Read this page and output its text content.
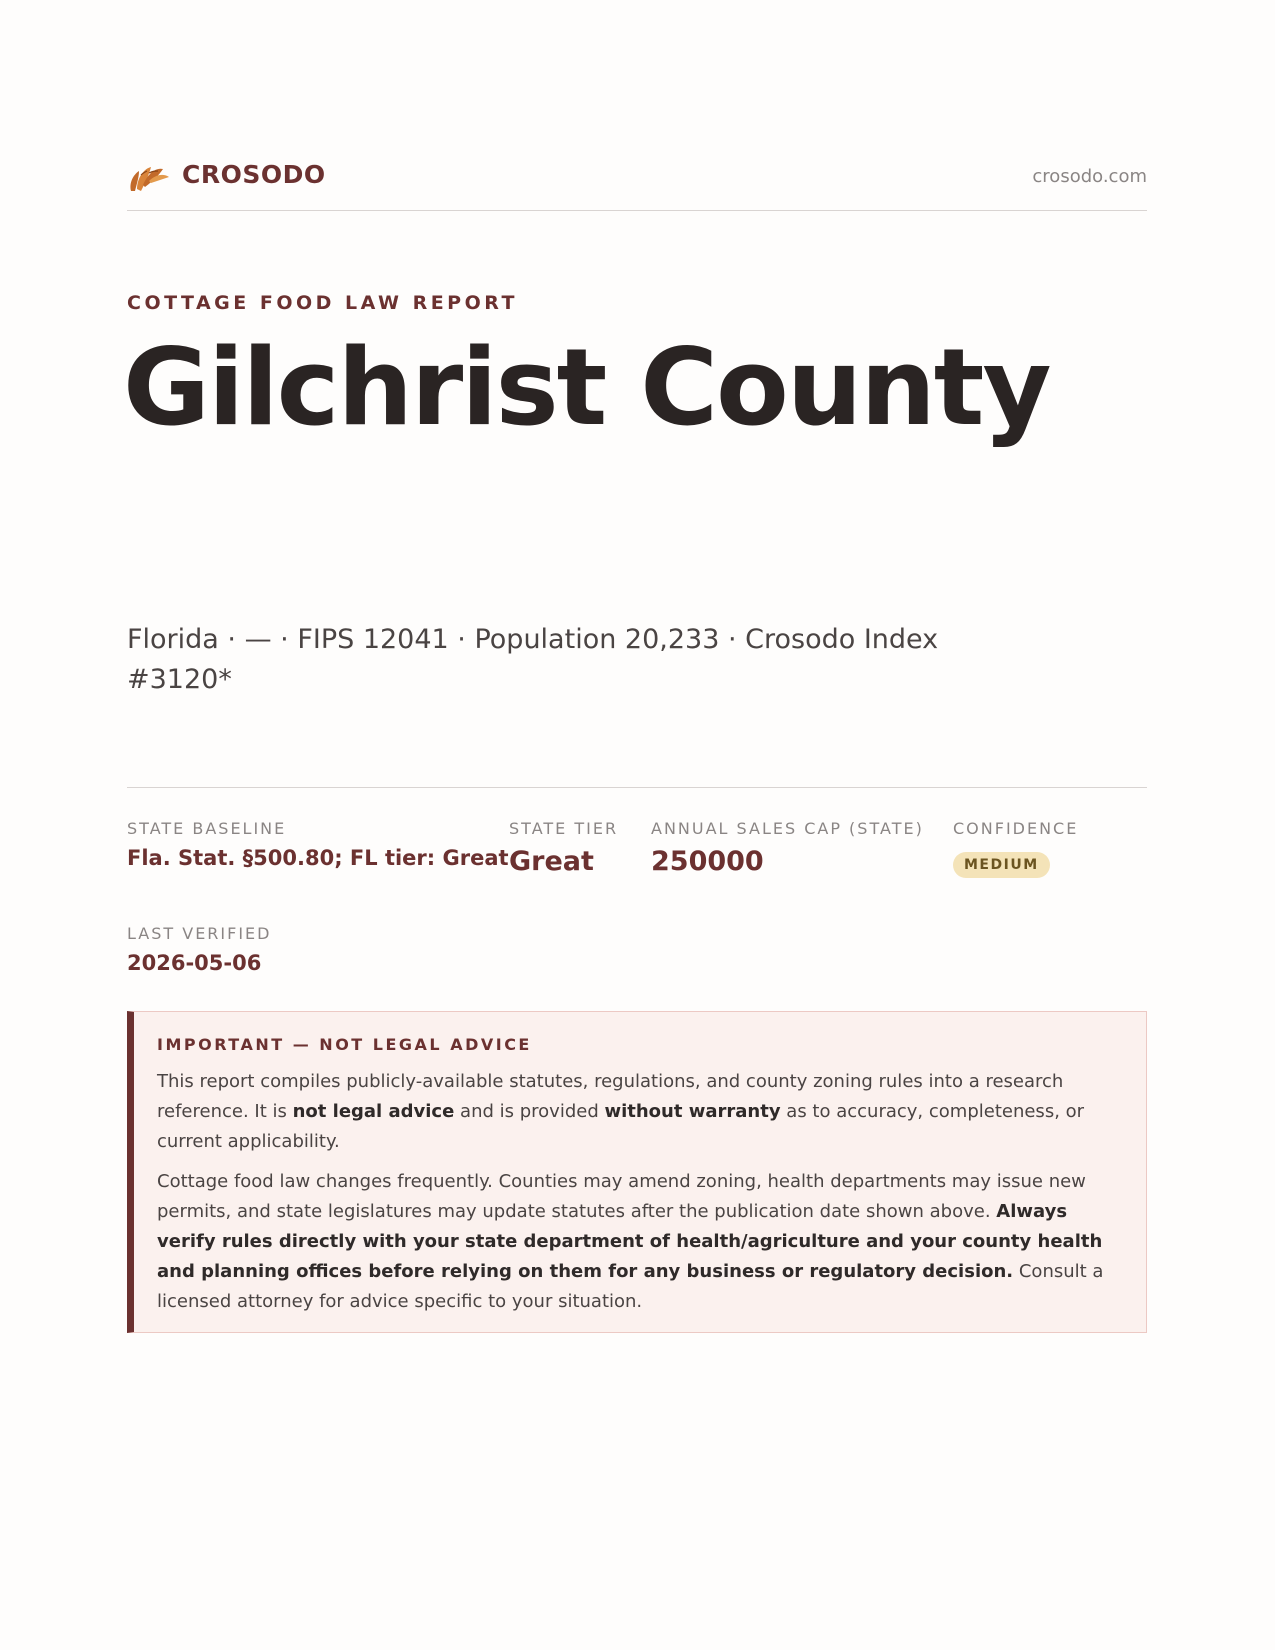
CROSODO	crosodo.com
COTTAGE FOOD LAW REPORT
Gilchrist County
Florida · — · FIPS 12041 · Population 20,233 · Crosodo Index #3120*
STATE BASELINE
Fla. Stat. §500.80; FL tier: Great
STATE TIER
Great
ANNUAL SALES CAP (STATE)
250000
CONFIDENCE
MEDIUM
LAST VERIFIED
2026-05-06
IMPORTANT — NOT LEGAL ADVICE

This report compiles publicly-available statutes, regulations, and county zoning rules into a research reference. It is not legal advice and is provided without warranty as to accuracy, completeness, or current applicability.

Cottage food law changes frequently. Counties may amend zoning, health departments may issue new permits, and state legislatures may update statutes after the publication date shown above. Always verify rules directly with your state department of health/agriculture and your county health and planning offices before relying on them for any business or regulatory decision. Consult a licensed attorney for advice specific to your situation.
